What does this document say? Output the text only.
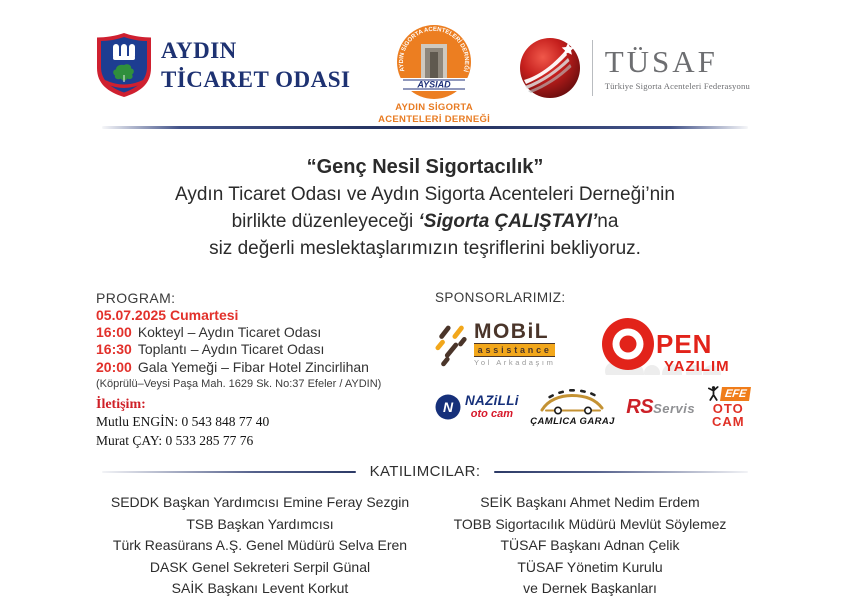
AYDIN
TİCARET ODASI	AYDIN SİGORTA ACENTELERİ DERNEĞİ
AYSİAD
AYDIN SİGORTA
ACENTELERİ DERNEĞİ
TÜSAF
Türkiye Sigorta Acenteleri Federasyonu
“Genç Nesil Sigortacılık”
Aydın Ticaret Odası ve Aydın Sigorta Acenteleri Derneği’nin
birlikte düzenleyeceği ‘Sigorta ÇALIŞTAYI’na
siz değerli meslektaşlarımızın teşriflerini bekliyoruz.
PROGRAM:
05.07.2025 Cumartesi
16:00 Kokteyl – Aydın Ticaret Odası
16:30 Toplantı – Aydın Ticaret Odası
20:00 Gala Yemeği – Fibar Hotel Zincirlihan
(Köprülü–Veysi Paşa Mah. 1629 Sk. No:37 Efeler / AYDIN)
İletişim:
Mutlu ENGİN: 0 543 848 77 40
Murat ÇAY: 0 533 285 77 76
SPONSORLARIMIZ:
MOBiL
assistance
Yol Arkadaşım
PEN
YAZILIM
N NAZiLLi
oto cam
ÇAMLICA GARAJ
RS Servis
EFE
OTO
CAM
KATILIMCILAR:
SEDDK Başkan Yardımcısı Emine Feray Sezgin
TSB Başkan Yardımcısı
Türk Reasürans A.Ş. Genel Müdürü Selva Eren
DASK Genel Sekreteri Serpil Günal
SAİK Başkanı Levent Korkut
SEİK Başkanı Ahmet Nedim Erdem
TOBB Sigortacılık Müdürü Mevlüt Söylemez
TÜSAF Başkanı Adnan Çelik
TÜSAF Yönetim Kurulu
ve Dernek Başkanları
